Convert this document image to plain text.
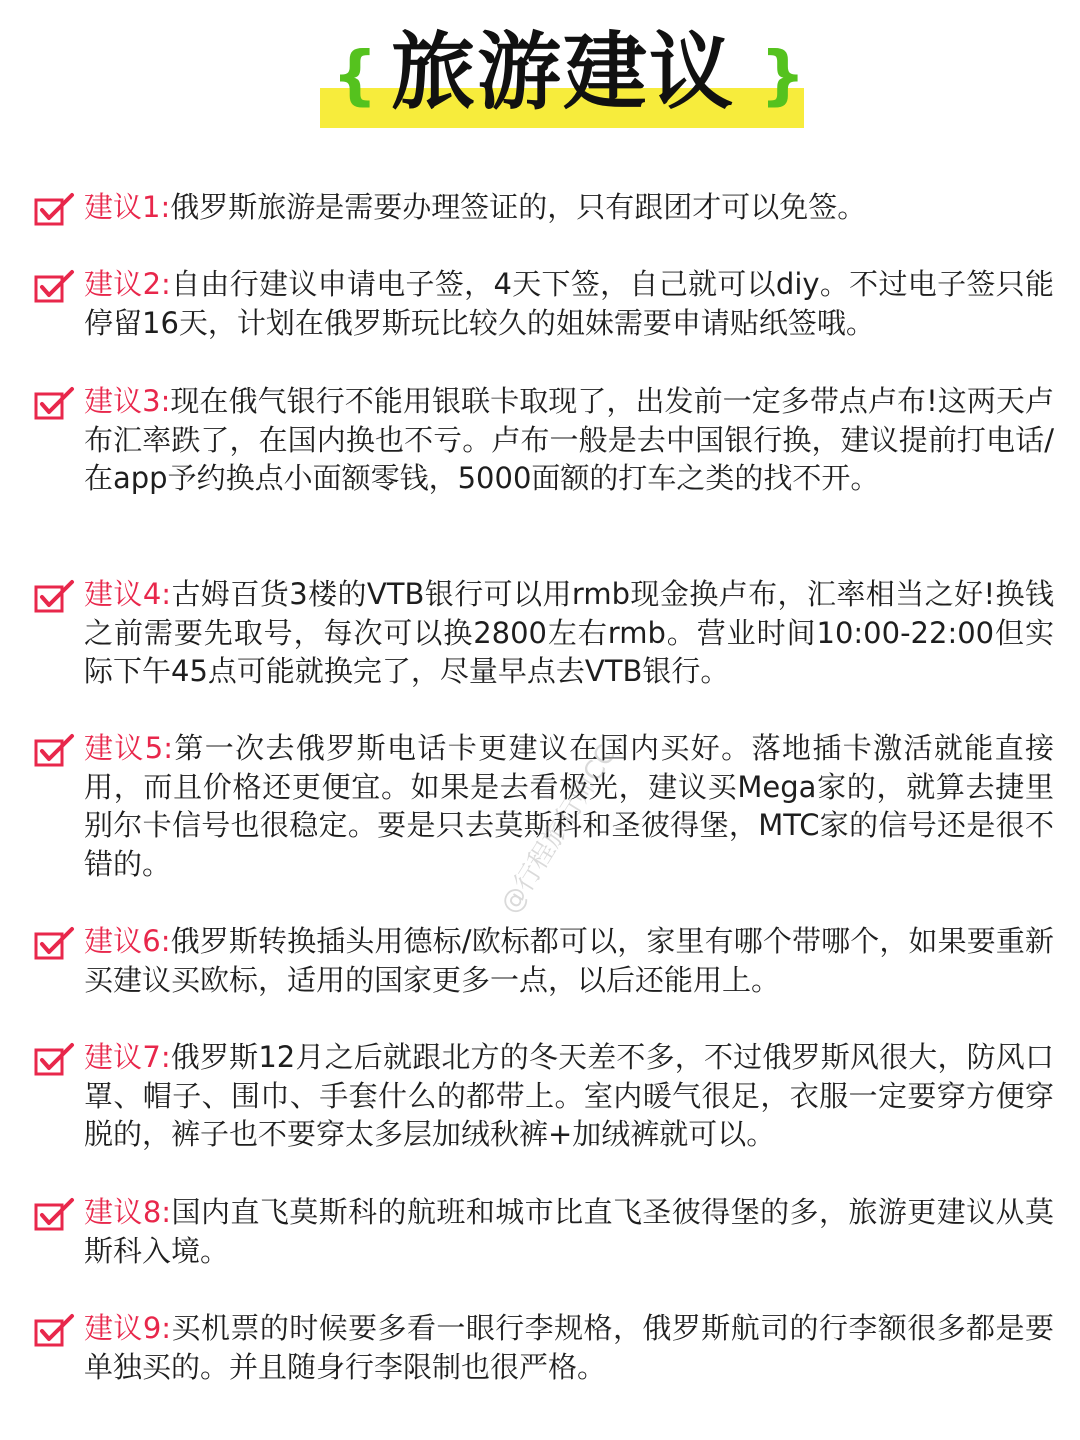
{ 旅游建议 }
建议1:俄罗斯旅游是需要办理签证的，只有跟团才可以免签。
建议2:自由行建议申请电子签，4天下签，自己就可以diy。不过电子签只能停留16天，计划在俄罗斯玩比较久的姐妹需要申请贴纸签哦。
建议3:现在俄气银行不能用银联卡取现了，出发前一定多带点卢布!这两天卢布汇率跌了，在国内换也不亏。卢布一般是去中国银行换，建议提前打电话/在app予约换点小面额零钱，5000面额的打车之类的找不开。
建议4:古姆百货3楼的VTB银行可以用rmb现金换卢布，汇率相当之好!换钱之前需要先取号，每次可以换2800左右rmb。营业时间10:00-22:00但实际下午45点可能就换完了，尽量早点去VTB银行。
建议5:第一次去俄罗斯电话卡更建议在国内买好。落地插卡激活就能直接用，而且价格还更便宜。如果是去看极光，建议买Mega家的，就算去捷里别尔卡信号也很稳定。要是只去莫斯科和圣彼得堡，MTC家的信号还是很不错的。
建议6:俄罗斯转换插头用德标/欧标都可以，家里有哪个带哪个，如果要重新买建议买欧标，适用的国家更多一点，以后还能用上。
建议7:俄罗斯12月之后就跟北方的冬天差不多，不过俄罗斯风很大，防风口罩、帽子、围巾、手套什么的都带上。室内暖气很足，衣服一定要穿方便穿脱的，裤子也不要穿太多层加绒秋裤+加绒裤就可以。
建议8:国内直飞莫斯科的航班和城市比直飞圣彼得堡的多，旅游更建议从莫斯科入境。
建议9:买机票的时候要多看一眼行李规格，俄罗斯航司的行李额很多都是要单独买的。并且随身行李限制也很严格。
@行程旅行师CC
